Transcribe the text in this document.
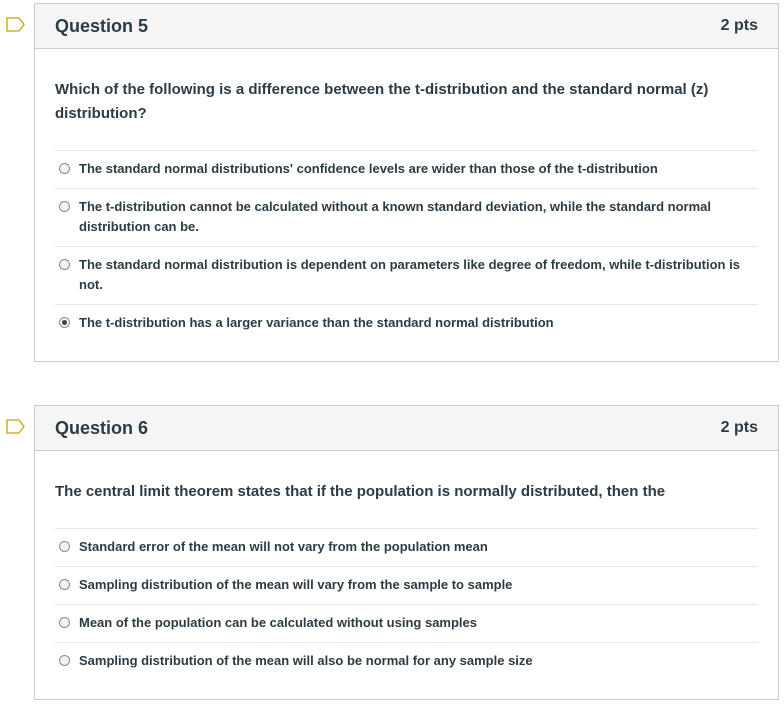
Question 5	2 pts
Which of the following is a difference between the t-distribution and the standard normal (z) distribution?
The standard normal distributions' confidence levels are wider than those of the t-distribution
The t-distribution cannot be calculated without a known standard deviation, while the standard normal distribution can be.
The standard normal distribution is dependent on parameters like degree of freedom, while t-distribution is not.
The t-distribution has a larger variance than the standard normal distribution
Question 6	2 pts
The central limit theorem states that if the population is normally distributed, then the
Standard error of the mean will not vary from the population mean
Sampling distribution of the mean will vary from the sample to sample
Mean of the population can be calculated without using samples
Sampling distribution of the mean will also be normal for any sample size
